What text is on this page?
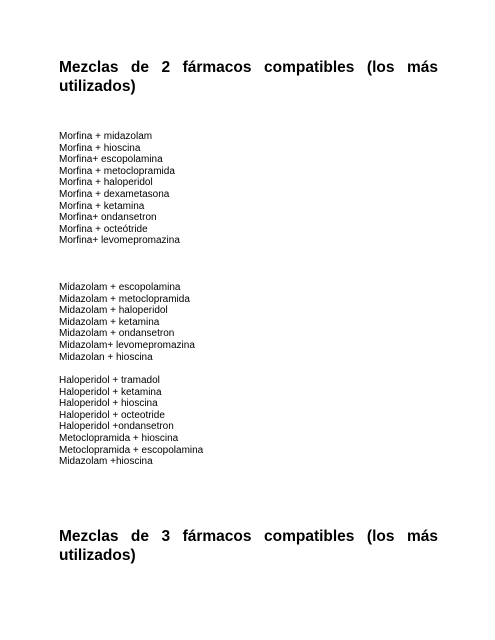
Mezclas de 2 fármacos compatibles (los más
utilizados)
Morfina + midazolam
Morfina + hioscina
Morfina+ escopolamina
Morfina + metoclopramida
Morfina + haloperidol
Morfina + dexametasona
Morfina + ketamina
Morfina+ ondansetron
Morfina + octeótride
Morfina+ levomepromazina
Midazolam + escopolamina
Midazolam + metoclopramida
Midazolam + haloperidol
Midazolam + ketamina
Midazolam + ondansetron
Midazolam+ levomepromazina
Midazolan + hioscina
Haloperidol + tramadol
Haloperidol + ketamina
Haloperidol + hioscina
Haloperidol + octeotride
Haloperidol +ondansetron
Metoclopramida + hioscina
Metoclopramida + escopolamina
Midazolam +hioscina
Mezclas de 3 fármacos compatibles (los más
utilizados)
